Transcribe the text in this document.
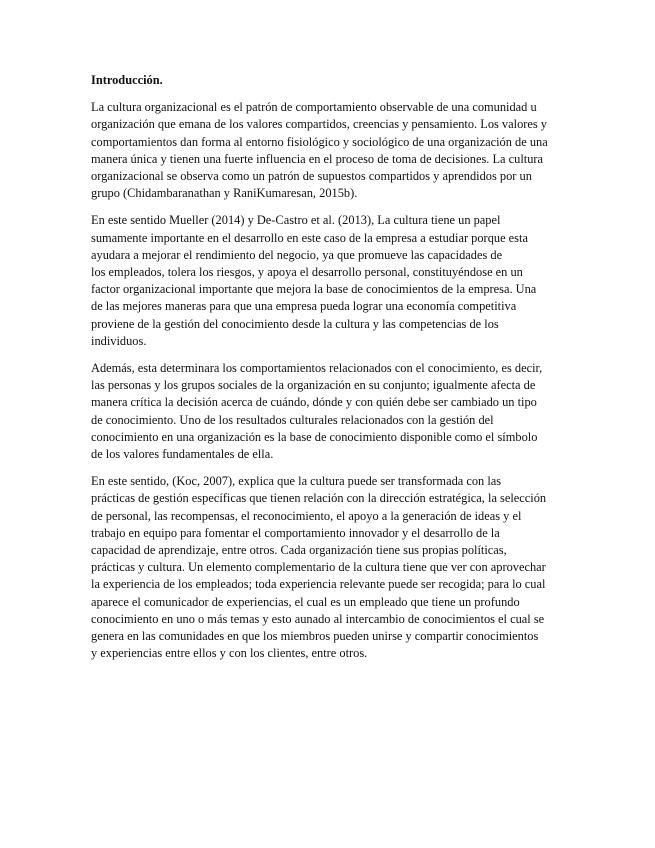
Introducción.
La cultura organizacional es el patrón de comportamiento observable de una comunidad u
organización que emana de los valores compartidos, creencias y pensamiento. Los valores y
comportamientos dan forma al entorno fisiológico y sociológico de una organización de una
manera única y tienen una fuerte influencia en el proceso de toma de decisiones. La cultura
organizacional se observa como un patrón de supuestos compartidos y aprendidos por un
grupo (Chidambaranathan y RaniKumaresan, 2015b).
En este sentido Mueller (2014) y De-Castro et al. (2013), La cultura tiene un papel
sumamente importante en el desarrollo en este caso de la empresa a estudiar porque esta
ayudara a mejorar el rendimiento del negocio, ya que promueve las capacidades de
los empleados, tolera los riesgos, y apoya el desarrollo personal, constituyéndose en un
factor organizacional importante que mejora la base de conocimientos de la empresa. Una
de las mejores maneras para que una empresa pueda lograr una economía competitiva
proviene de la gestión del conocimiento desde la cultura y las competencias de los
individuos.
Además, esta determinara los comportamientos relacionados con el conocimiento, es decir,
las personas y los grupos sociales de la organización en su conjunto; igualmente afecta de
manera crítica la decisión acerca de cuándo, dónde y con quién debe ser cambiado un tipo
de conocimiento. Uno de los resultados culturales relacionados con la gestión del
conocimiento en una organización es la base de conocimiento disponible como el símbolo
de los valores fundamentales de ella.
En este sentido, (Koc, 2007), explica que la cultura puede ser transformada con las
prácticas de gestión específicas que tienen relación con la dirección estratégica, la selección
de personal, las recompensas, el reconocimiento, el apoyo a la generación de ideas y el
trabajo en equipo para fomentar el comportamiento innovador y el desarrollo de la
capacidad de aprendizaje, entre otros. Cada organización tiene sus propias políticas,
prácticas y cultura. Un elemento complementario de la cultura tiene que ver con aprovechar
la experiencia de los empleados; toda experiencia relevante puede ser recogida; para lo cual
aparece el comunicador de experiencias, el cual es un empleado que tiene un profundo
conocimiento en uno o más temas y esto aunado al intercambio de conocimientos el cual se
genera en las comunidades en que los miembros pueden unirse y compartir conocimientos
y experiencias entre ellos y con los clientes, entre otros.
